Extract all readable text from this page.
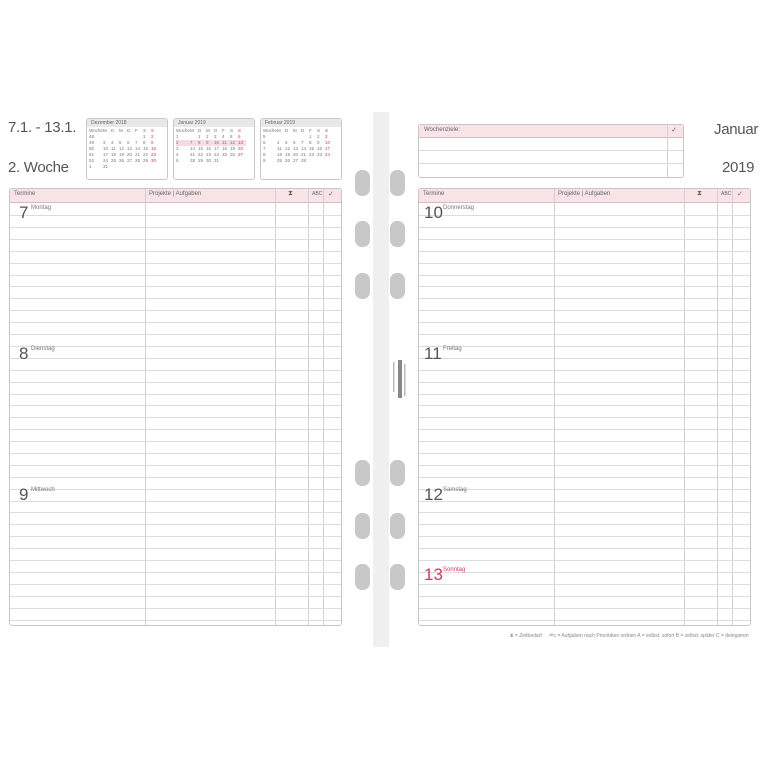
7.1. - 13.1.
2. Woche
Dezember 2018
Woche	M	D	M	D	F	S	S
48						1	2
49	3	4	5	6	7	8	9
50	10	11	12	13	14	15	16
51	17	18	19	20	21	22	23
52	24	25	26	27	28	29	30
1	31						
Januar 2019
Woche	M	D	M	D	F	S	S
1		1	2	3	4	5	6
2	7	8	9	10	11	12	13
3	14	15	16	17	18	19	20
4	21	22	23	24	25	26	27
5	28	29	30	31			

Februar 2019
Woche	M	D	M	D	F	S	S
5					1	2	3
6	4	5	6	7	8	9	10
7	11	12	13	14	15	16	17
8	18	19	20	21	22	23	24
9	25	26	27	28			

Wochenziele:	✓ Januar
2019
Termine	Projekte | Aufgaben	⧗	ABC ✓
7 Montag
8 Dienstag
9 Mittwoch
Termine	Projekte | Aufgaben	⧗	ABC ✓
10 Donnerstag
11 Freitag
12 Samstag
13 Sonntag
⧗ = Zeitbedarf ᴬᴮc = Aufgaben nach Prioritäten ordnen A = selbst, sofort B = selbst, später C = delegieren
